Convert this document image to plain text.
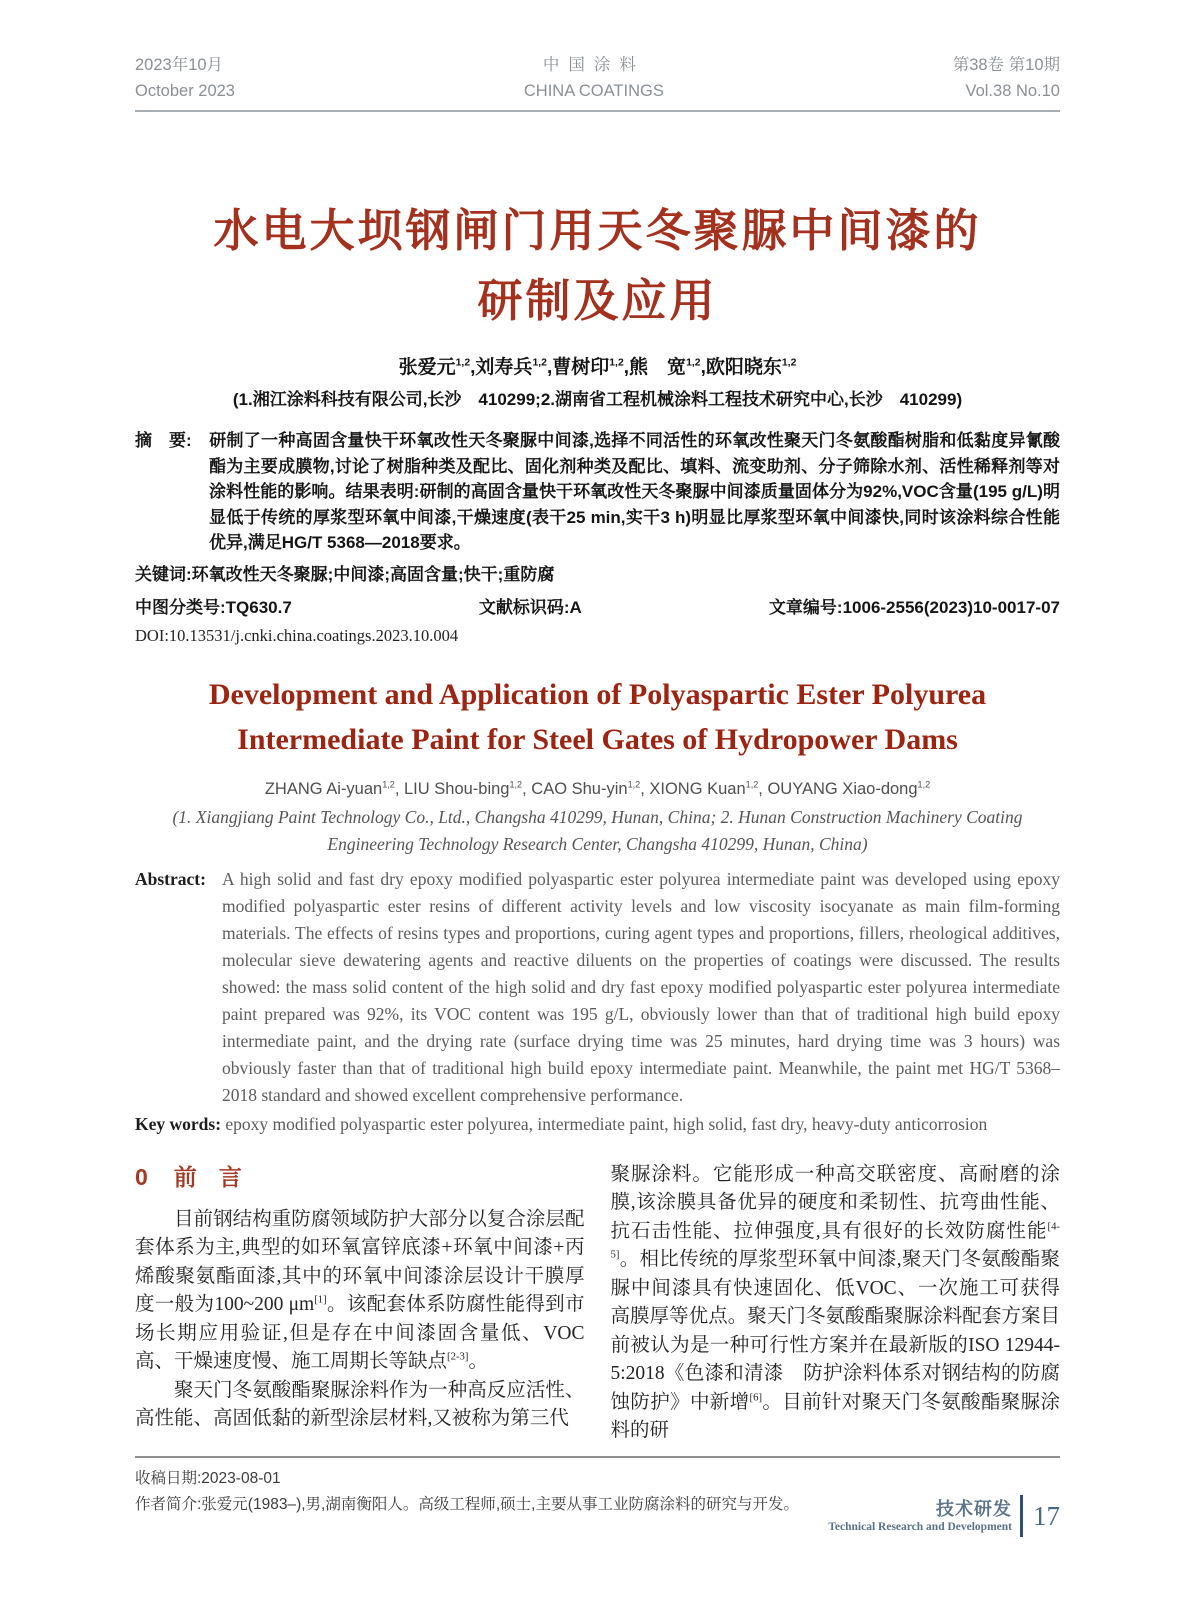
2023年10月
October 2023
中国涂料
CHINA COATINGS
第38卷 第10期
Vol.38 No.10
水电大坝钢闸门用天冬聚脲中间漆的
研制及应用
张爱元$^{1,2}$,刘寿兵$^{1,2}$,曹树印$^{1,2}$,熊　宽$^{1,2}$,欧阳晓东$^{1,2}$
(1.湘江涂料科技有限公司,长沙　410299;2.湖南省工程机械涂料工程技术研究中心,长沙　410299)
摘　要: 研制了一种高固含量快干环氧改性天冬聚脲中间漆,选择不同活性的环氧改性聚天门冬氨酸酯树脂和低黏度异氰酸酯为主要成膜物,讨论了树脂种类及配比、固化剂种类及配比、填料、流变助剂、分子筛除水剂、活性稀释剂等对涂料性能的影响。结果表明:研制的高固含量快干环氧改性天冬聚脲中间漆质量固体分为92%,VOC含量(195 g/L)明显低于传统的厚浆型环氧中间漆,干燥速度(表干25 min,实干3 h)明显比厚浆型环氧中间漆快,同时该涂料综合性能优异,满足HG/T 5368—2018要求。
关键词:环氧改性天冬聚脲;中间漆;高固含量;快干;重防腐
中图分类号:TQ630.7	文献标识码:A	文章编号:1006-2556(2023)10-0017-07
DOI:10.13531/j.cnki.china.coatings.2023.10.004
Development and Application of Polyaspartic Ester Polyurea
Intermediate Paint for Steel Gates of Hydropower Dams
ZHANG Ai-yuan$^{1,2}$, LIU Shou-bing$^{1,2}$, CAO Shu-yin$^{1,2}$, XIONG Kuan$^{1,2}$, OUYANG Xiao-dong$^{1,2}$
(1. Xiangjiang Paint Technology Co., Ltd., Changsha 410299, Hunan, China; 2. Hunan Construction Machinery Coating
Engineering Technology Research Center, Changsha 410299, Hunan, China)
Abstract: A high solid and fast dry epoxy modified polyaspartic ester polyurea intermediate paint was developed using epoxy modified polyaspartic ester resins of different activity levels and low viscosity isocyanate as main film-forming materials. The effects of resins types and proportions, curing agent types and proportions, fillers, rheological additives, molecular sieve dewatering agents and reactive diluents on the properties of coatings were discussed. The results showed: the mass solid content of the high solid and dry fast epoxy modified polyaspartic ester polyurea intermediate paint prepared was 92%, its VOC content was 195 g/L, obviously lower than that of traditional high build epoxy intermediate paint, and the drying rate (surface drying time was 25 minutes, hard drying time was 3 hours) was obviously faster than that of traditional high build epoxy intermediate paint. Meanwhile, the paint met HG/T 5368–2018 standard and showed excellent comprehensive performance.
Key words: epoxy modified polyaspartic ester polyurea, intermediate paint, high solid, fast dry, heavy-duty anticorrosion
0 前言

目前钢结构重防腐领域防护大部分以复合涂层配套体系为主,典型的如环氧富锌底漆+环氧中间漆+丙烯酸聚氨酯面漆,其中的环氧中间漆涂层设计干膜厚度一般为100~200 μm[1]。该配套体系防腐性能得到市场长期应用验证,但是存在中间漆固含量低、VOC高、干燥速度慢、施工周期长等缺点[2-3]。

聚天门冬氨酸酯聚脲涂料作为一种高反应活性、高性能、高固低黏的新型涂层材料,又被称为第三代

聚脲涂料。它能形成一种高交联密度、高耐磨的涂膜,该涂膜具备优异的硬度和柔韧性、抗弯曲性能、抗石击性能、拉伸强度,具有很好的长效防腐性能[4-5]。相比传统的厚浆型环氧中间漆,聚天门冬氨酸酯聚脲中间漆具有快速固化、低VOC、一次施工可获得高膜厚等优点。聚天门冬氨酸酯聚脲涂料配套方案目前被认为是一种可行性方案并在最新版的ISO 12944-5:2018《色漆和清漆　防护涂料体系对钢结构的防腐蚀防护》中新增[6]。目前针对聚天门冬氨酸酯聚脲涂料的研

收稿日期:2023-08-01
作者简介:张爱元(1983–),男,湖南衡阳人。高级工程师,硕士,主要从事工业防腐涂料的研究与开发。	技术研发
Technical Research and Development 17
